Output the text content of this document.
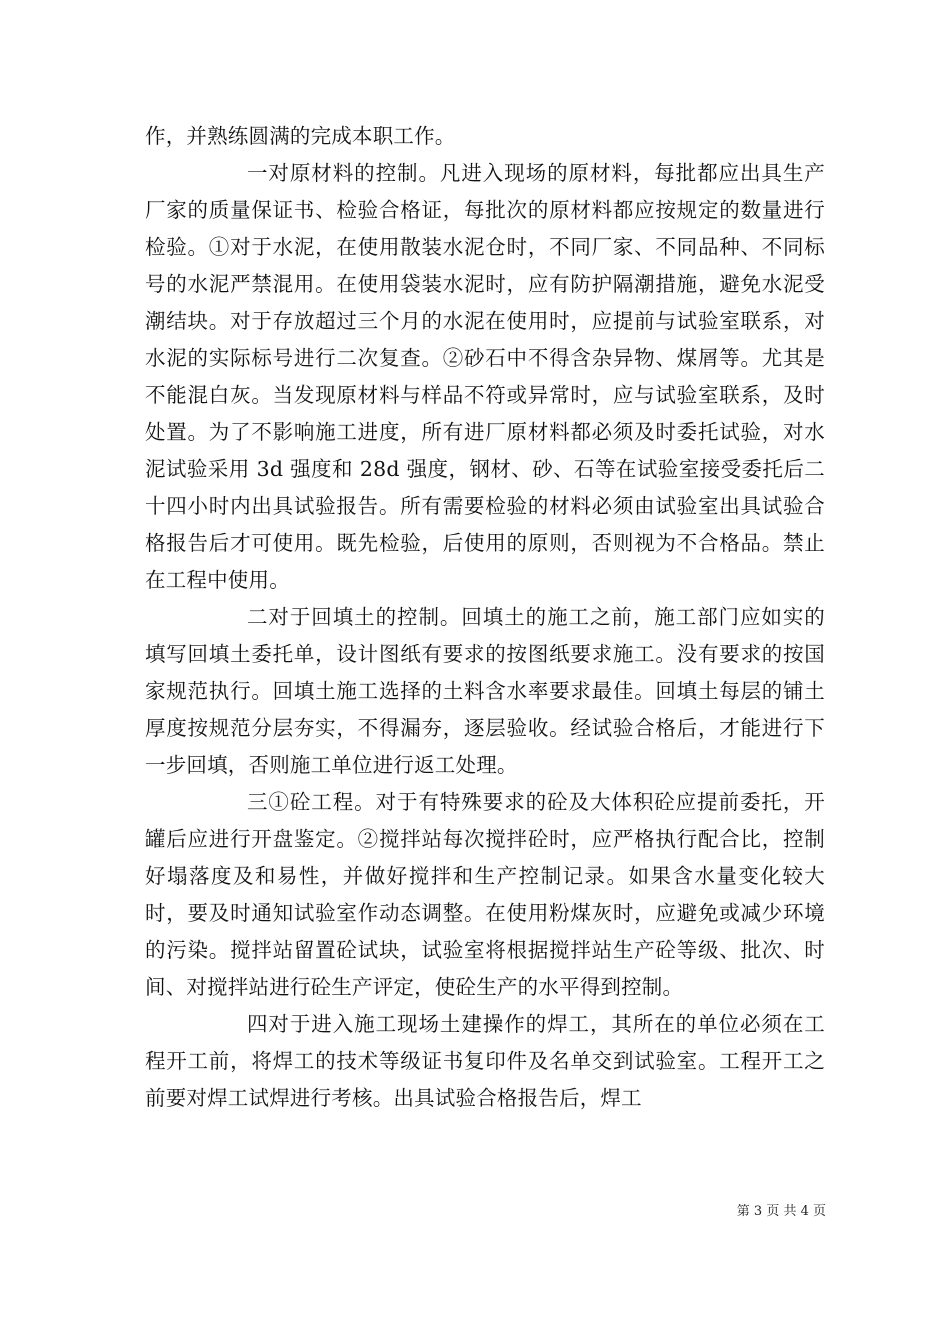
作，并熟练圆满的完成本职工作。

一对原材料的控制。凡进入现场的原材料，每批都应出具生产厂家的质量保证书、检验合格证，每批次的原材料都应按规定的数量进行检验。①对于水泥，在使用散装水泥仓时，不同厂家、不同品种、不同标号的水泥严禁混用。在使用袋装水泥时，应有防护隔潮措施，避免水泥受潮结块。对于存放超过三个月的水泥在使用时，应提前与试验室联系，对水泥的实际标号进行二次复查。②砂石中不得含杂异物、煤屑等。尤其是不能混白灰。当发现原材料与样品不符或异常时，应与试验室联系，及时处置。为了不影响施工进度，所有进厂原材料都必须及时委托试验，对水泥试验采用 3d 强度和 28d 强度，钢材、砂、石等在试验室接受委托后二十四小时内出具试验报告。所有需要检验的材料必须由试验室出具试验合格报告后才可使用。既先检验，后使用的原则，否则视为不合格品。禁止在工程中使用。

二对于回填土的控制。回填土的施工之前，施工部门应如实的填写回填土委托单，设计图纸有要求的按图纸要求施工。没有要求的按国家规范执行。回填土施工选择的土料含水率要求最佳。回填土每层的铺土厚度按规范分层夯实，不得漏夯，逐层验收。经试验合格后，才能进行下一步回填，否则施工单位进行返工处理。

三①砼工程。对于有特殊要求的砼及大体积砼应提前委托，开罐后应进行开盘鉴定。②搅拌站每次搅拌砼时，应严格执行配合比，控制好塌落度及和易性，并做好搅拌和生产控制记录。如果含水量变化较大时，要及时通知试验室作动态调整。在使用粉煤灰时，应避免或减少环境的污染。搅拌站留置砼试块，试验室将根据搅拌站生产砼等级、批次、时间、对搅拌站进行砼生产评定，使砼生产的水平得到控制。

四对于进入施工现场土建操作的焊工，其所在的单位必须在工程开工前，将焊工的技术等级证书复印件及名单交到试验室。工程开工之前要对焊工试焊进行考核。出具试验合格报告后，焊工

第 3 页 共 4 页
